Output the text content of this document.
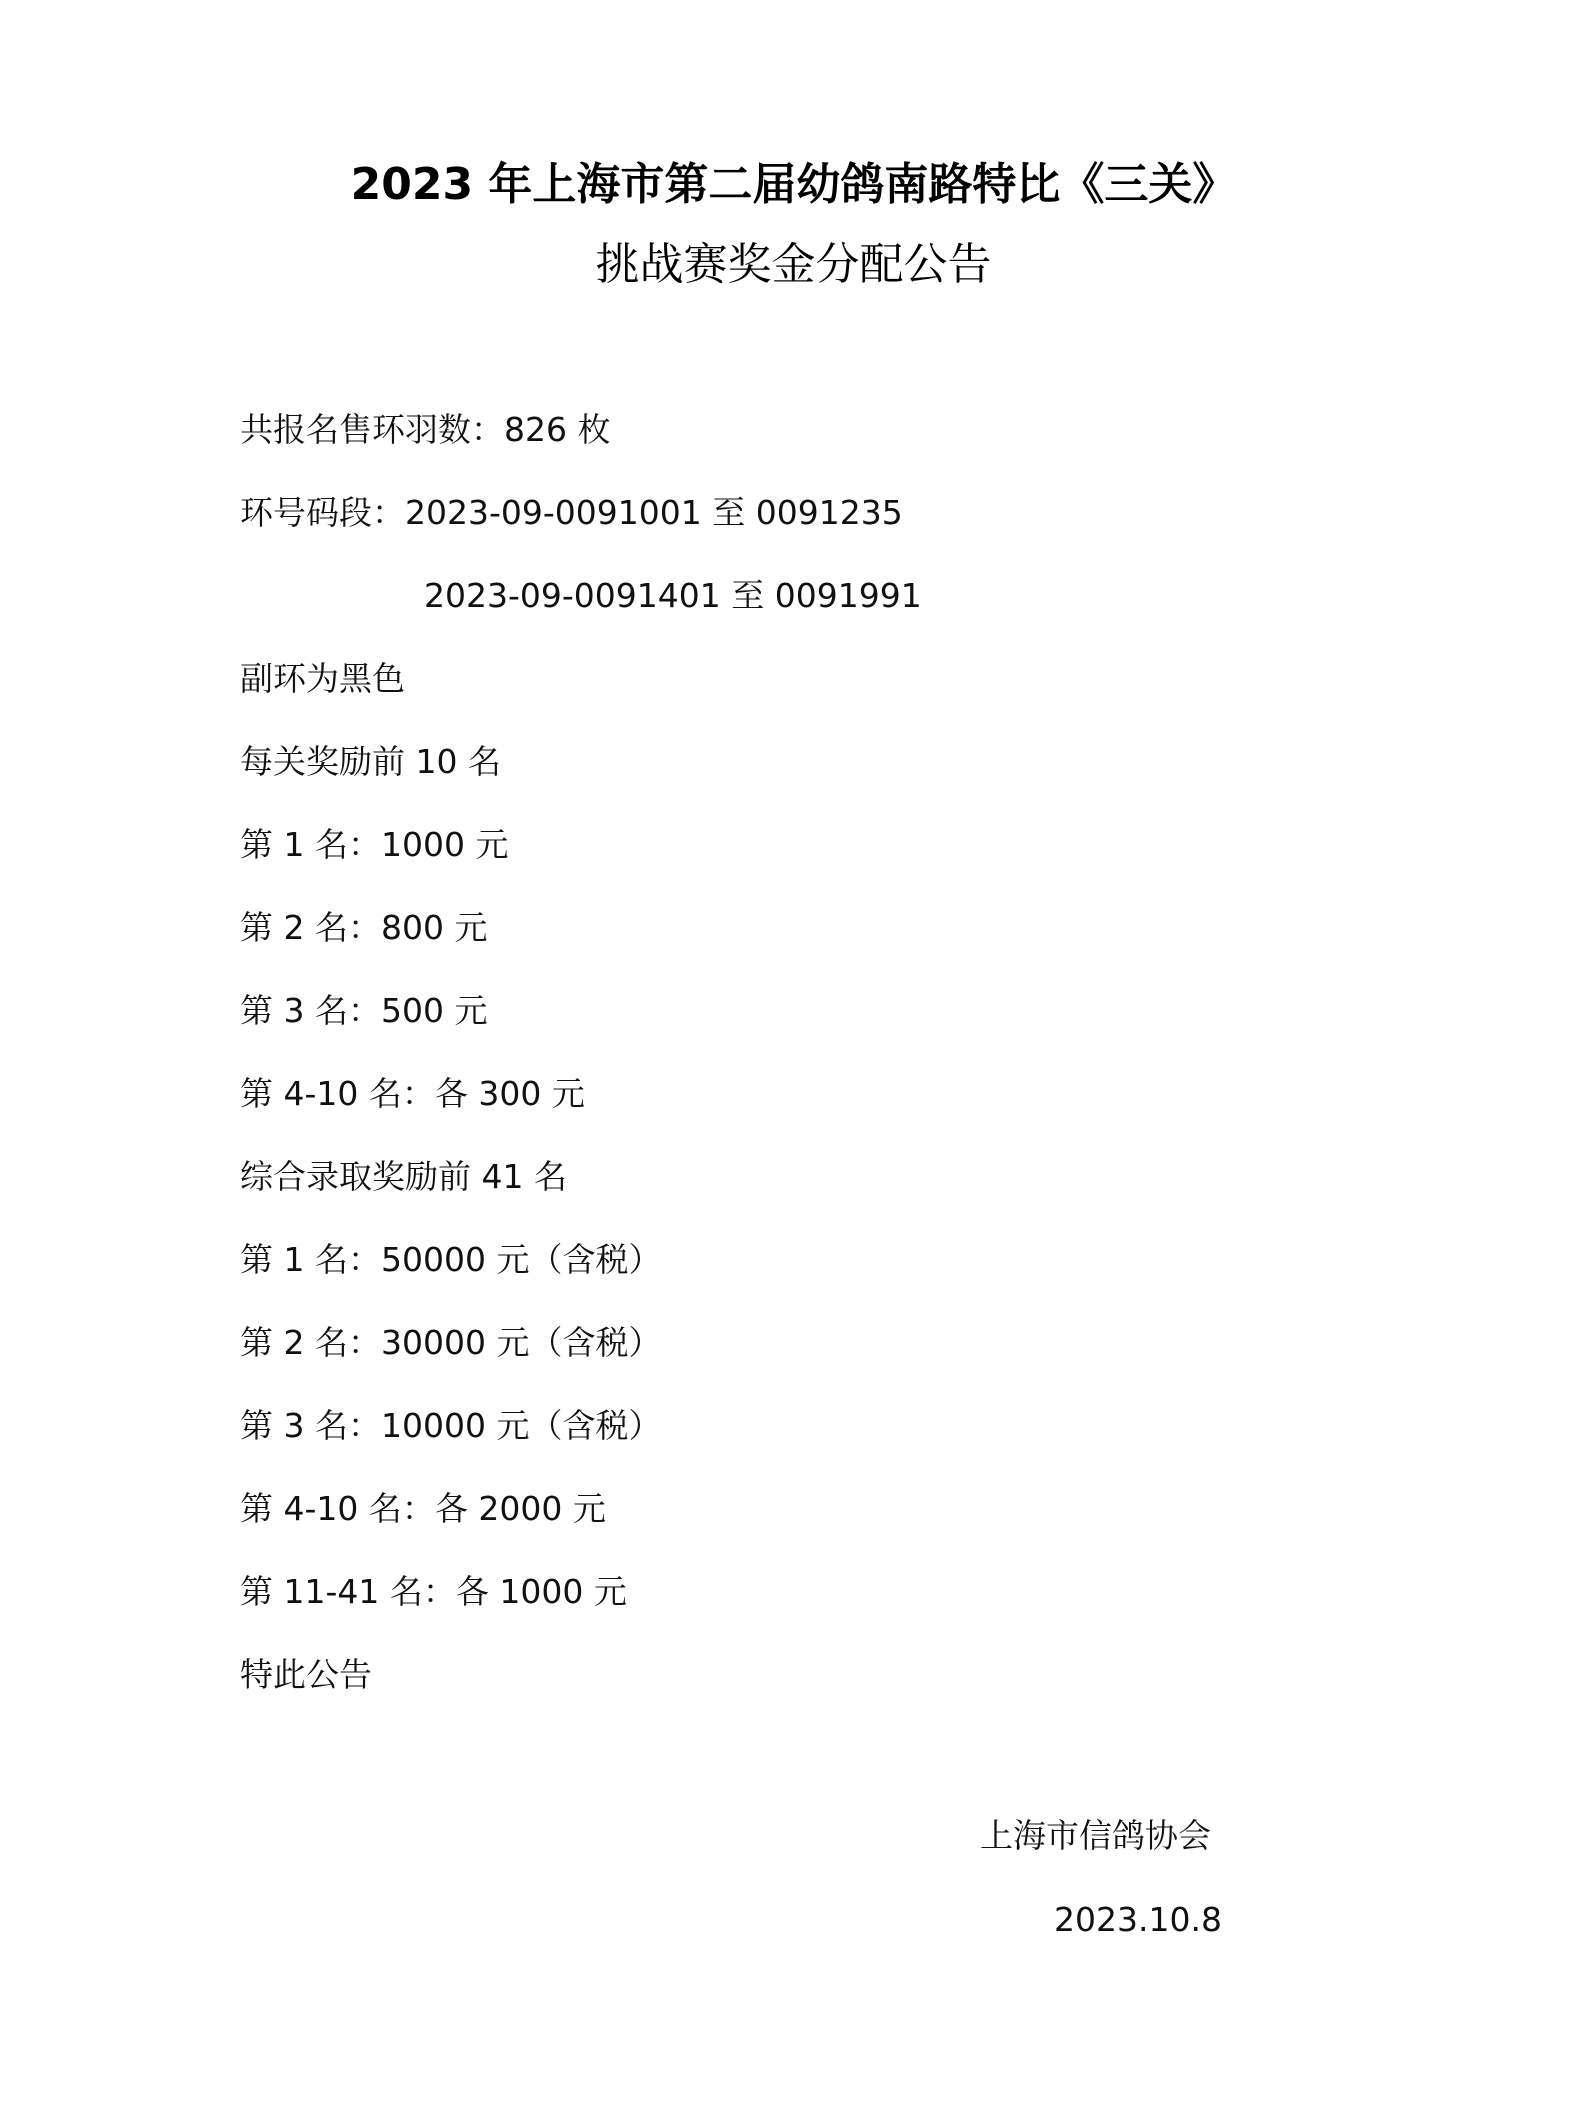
2023 年上海市第二届幼鸽南路特比《三关》
挑战赛奖金分配公告
共报名售环羽数：826 枚
环号码段：2023-09-0091001 至 0091235
2023-09-0091401 至 0091991
副环为黑色
每关奖励前 10 名
第 1 名：1000 元
第 2 名：800 元
第 3 名：500 元
第 4-10 名：各 300 元
综合录取奖励前 41 名
第 1 名：50000 元（含税）
第 2 名：30000 元（含税）
第 3 名：10000 元（含税）
第 4-10 名：各 2000 元
第 11-41 名：各 1000 元
特此公告
上海市信鸽协会
2023.10.8
